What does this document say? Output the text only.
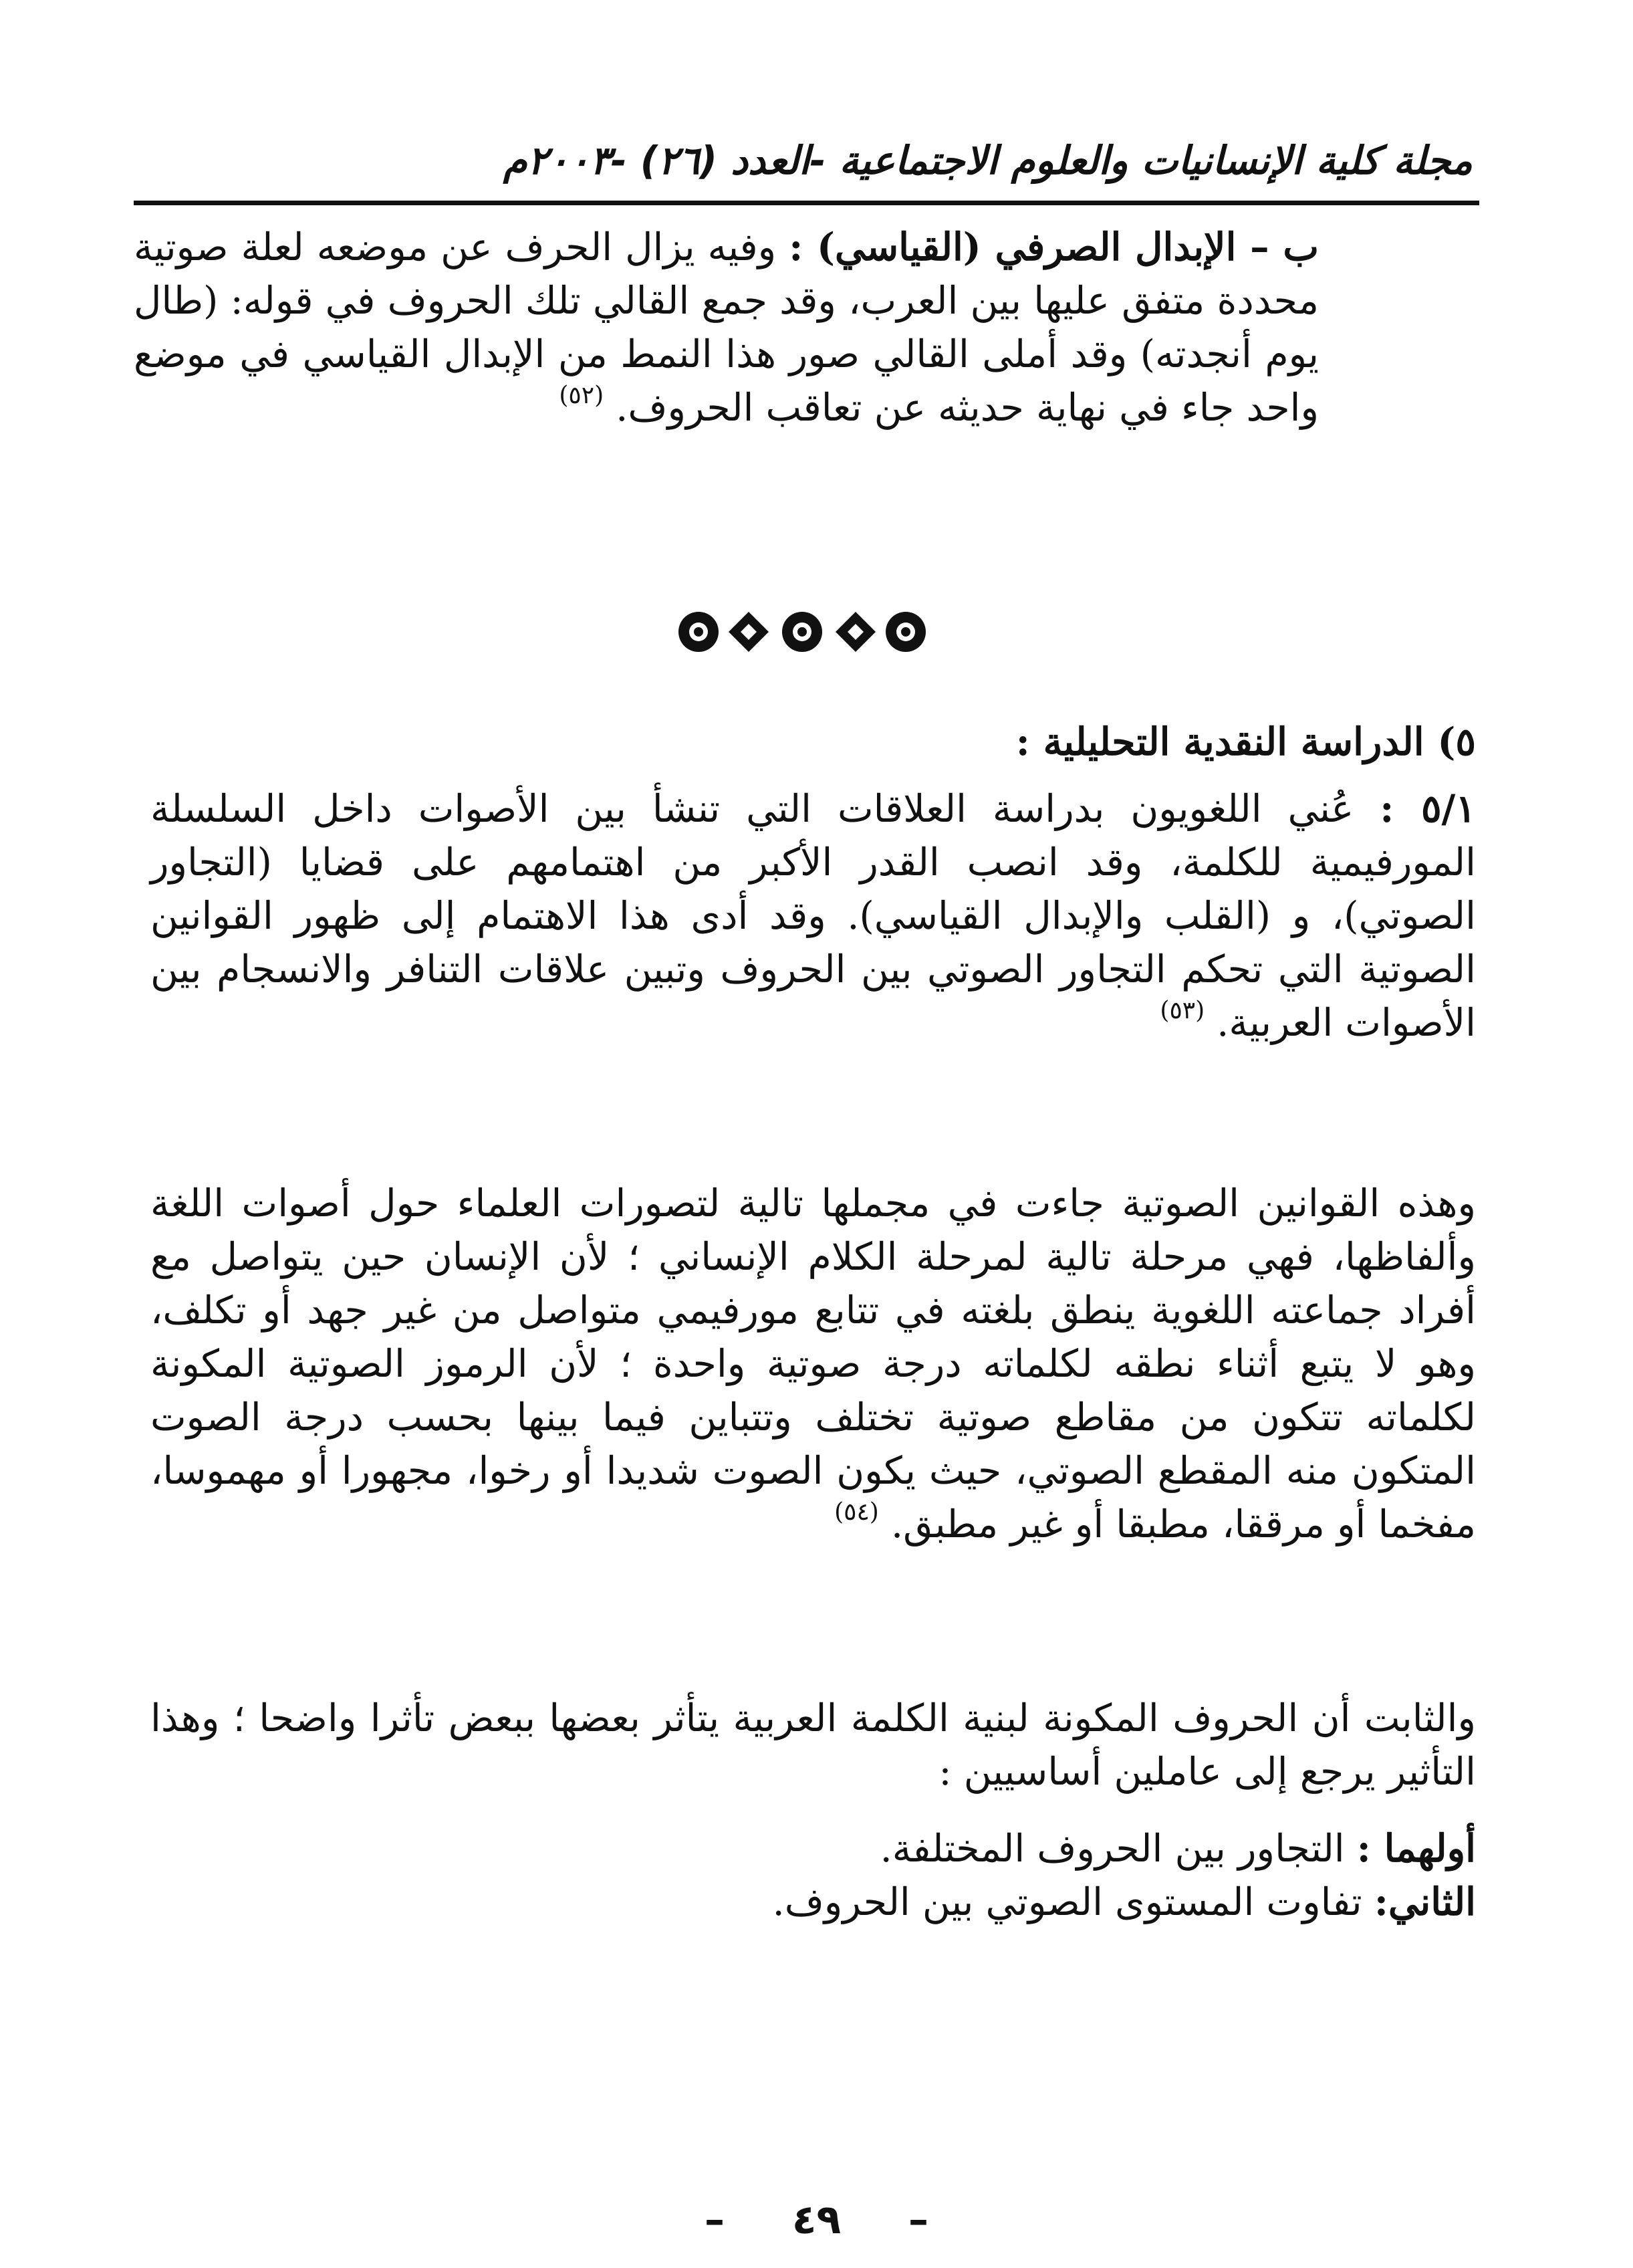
مجلة كلية الإنسانيات والعلوم الاجتماعية -العدد (٢٦) -٢٠٠٣م

ب – الإبدال الصرفي (القياسي) : وفيه يزال الحرف عن موضعه لعلة صوتية محددة متفق عليها بين العرب، وقد جمع القالي تلك الحروف في قوله: (طال يوم أنجدته) وقد أملى القالي صور هذا النمط من الإبدال القياسي في موضع واحد جاء في نهاية حديثه عن تعاقب الحروف. $^{(٥٢)}$

٥) الدراسة النقدية التحليلية :

٥/١ : عُني اللغويون بدراسة العلاقات التي تنشأ بين الأصوات داخل السلسلة المورفيمية للكلمة، وقد انصب القدر الأكبر من اهتمامهم على قضايا (التجاور الصوتي)، و (القلب والإبدال القياسي). وقد أدى هذا الاهتمام إلى ظهور القوانين الصوتية التي تحكم التجاور الصوتي بين الحروف وتبين علاقات التنافر والانسجام بين الأصوات العربية. $^{(٥٣)}$

وهذه القوانين الصوتية جاءت في مجملها تالية لتصورات العلماء حول أصوات اللغة وألفاظها، فهي مرحلة تالية لمرحلة الكلام الإنساني ؛ لأن الإنسان حين يتواصل مع أفراد جماعته اللغوية ينطق بلغته في تتابع مورفيمي متواصل من غير جهد أو تكلف، وهو لا يتبع أثناء نطقه لكلماته درجة صوتية واحدة ؛ لأن الرموز الصوتية المكونة لكلماته تتكون من مقاطع صوتية تختلف وتتباين فيما بينها بحسب درجة الصوت المتكون منه المقطع الصوتي، حيث يكون الصوت شديدا أو رخوا، مجهورا أو مهموسا، مفخما أو مرققا، مطبقا أو غير مطبق. $^{(٥٤)}$

والثابت أن الحروف المكونة لبنية الكلمة العربية يتأثر بعضها ببعض تأثرا واضحا ؛ وهذا التأثير يرجع إلى عاملين أساسيين :

أولهما : التجاور بين الحروف المختلفة.

الثاني: تفاوت المستوى الصوتي بين الحروف.

– ٤٩ –
